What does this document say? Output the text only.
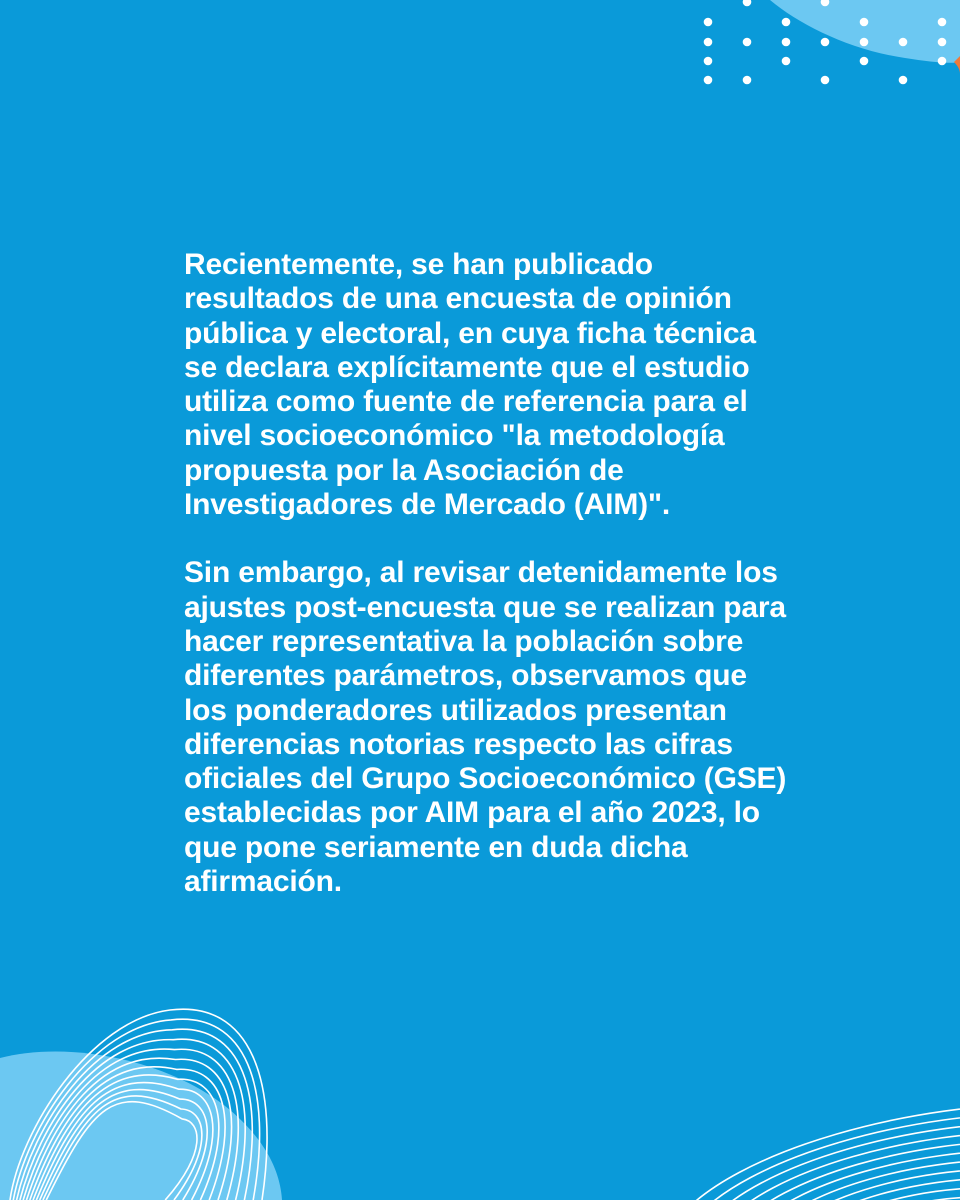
Recientemente, se han publicado resultados de una encuesta de opinión pública y electoral, en cuya ficha técnica se declara explícitamente que el estudio utiliza como fuente de referencia para el nivel socioeconómico "la metodología propuesta por la Asociación de Investigadores de Mercado (AIM)".

Sin embargo, al revisar detenidamente los ajustes post-encuesta que se realizan para hacer representativa la población sobre diferentes parámetros, observamos que los ponderadores utilizados presentan diferencias notorias respecto las cifras oficiales del Grupo Socioeconómico (GSE) establecidas por AIM para el año 2023, lo que pone seriamente en duda dicha afirmación.
